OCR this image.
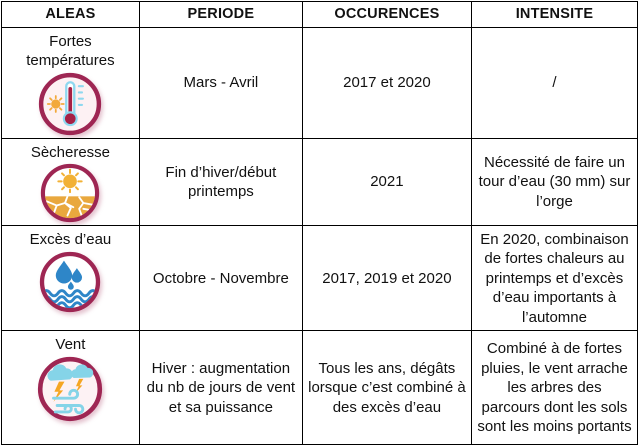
ALEAS	PERIODE	OCCURENCES	INTENSITE

Fortes températures	Mars - Avril	2017 et 2020	/

Sècheresse	Fin d’hiver/début printemps	2021	Nécessité de faire un tour d’eau (30 mm) sur l’orge

Excès d’eau	Octobre - Novembre	2017, 2019 et 2020	En 2020, combinaison de fortes chaleurs au printemps et d’excès d’eau importants à l’automne

Vent	Hiver : augmentation du nb de jours de vent et sa puissance	Tous les ans, dégâts lorsque c’est combiné à des excès d’eau	Combiné à de fortes pluies, le vent arrache les arbres des parcours dont les sols sont les moins portants
